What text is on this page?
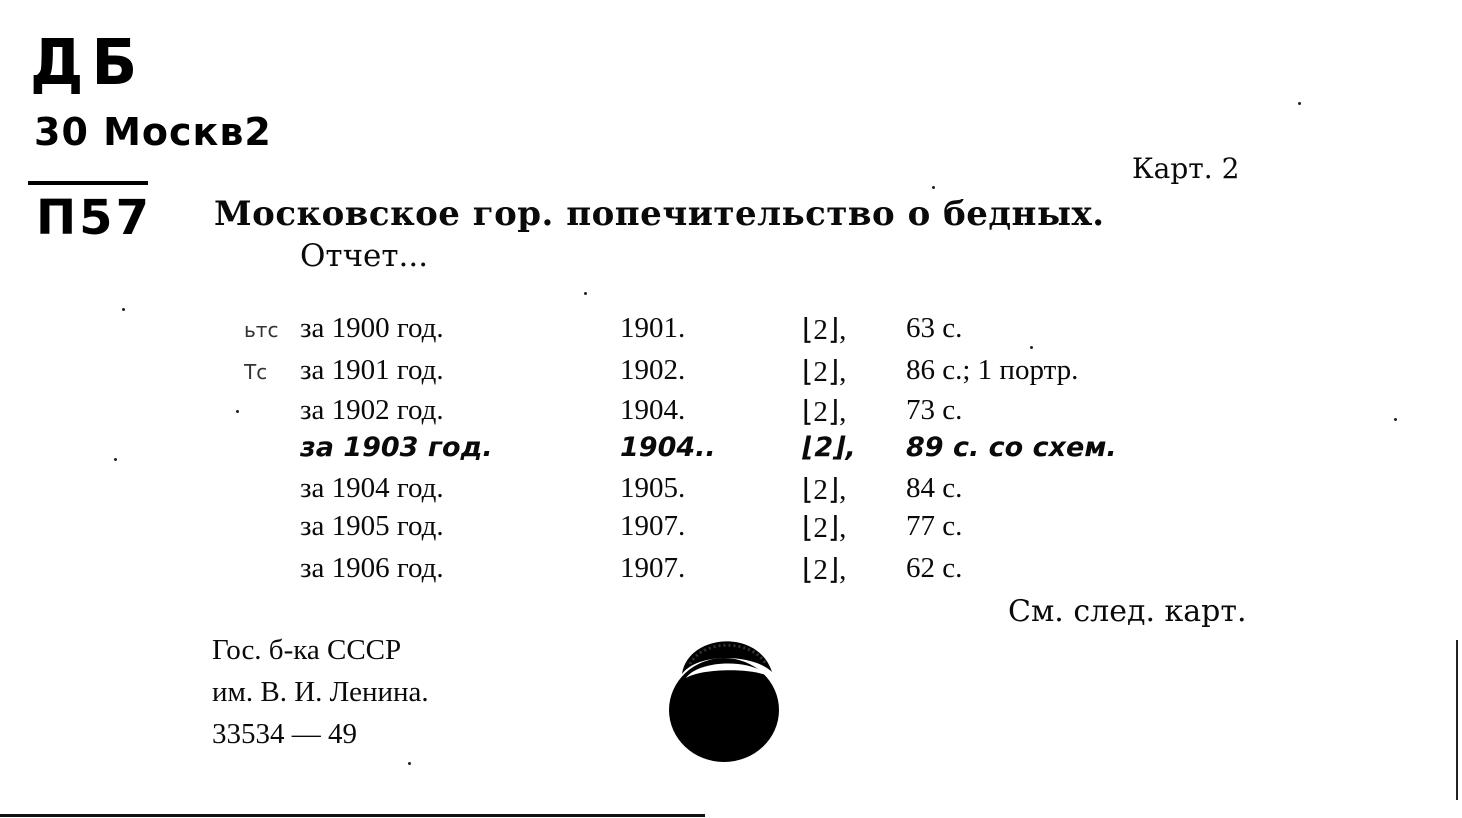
ДБ
30 Москв2
П57
Карт. 2
Московское гор. попечительство о бедных.
Отчет...
ьтс за 1900 год.	1901.	⌊2⌋, 63 с.
Тс за 1901 год.	1902.	⌊2⌋, 86 с.; 1 портр.
за 1902 год.	1904.	⌊2⌋, 73 с.
за 1903 год.	1904..	⌊2⌋, 89 с. со схем.
за 1904 год.	1905.	⌊2⌋, 84 с.
за 1905 год.	1907.	⌊2⌋, 77 с.
за 1906 год.	1907.	⌊2⌋, 62 с.
См. след. карт.
Гос. б-ка СССР
им. В. И. Ленина.
33534 — 49
